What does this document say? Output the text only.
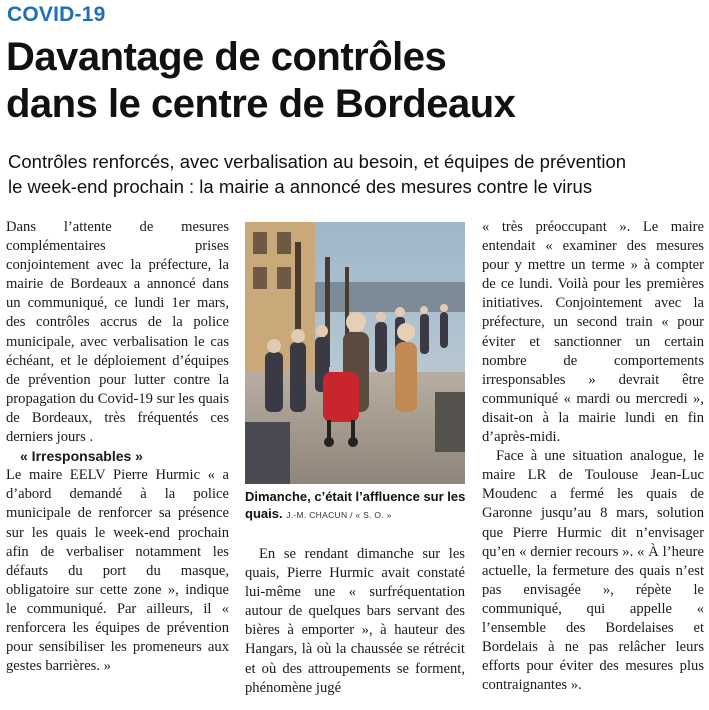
COVID-19
Davantage de contrôles
dans le centre de Bordeaux
Contrôles renforcés, avec verbalisation au besoin, et équipes de prévention
le week-end prochain : la mairie a annoncé des mesures contre le virus

Dans l’attente de mesures complémentaires prises conjointement avec la préfecture, la mairie de Bordeaux a annoncé dans un communiqué, ce lundi 1er mars, des contrôles accrus de la police municipale, avec verbalisation le cas échéant, et le déploiement d’équipes de prévention pour lutter contre la propagation du Covid-19 sur les quais de Bordeaux, très fréquentés ces derniers jours .

« Irresponsables »

Le maire EELV Pierre Hurmic « a d’abord demandé à la police municipale de renforcer sa présence sur les quais le week-end prochain afin de verbaliser notamment les défauts du port du masque, obligatoire sur cette zone », indique le communiqué. Par ailleurs, il « renforcera les équipes de prévention pour sensibiliser les promeneurs aux gestes barrières. »

Dimanche, c’était l’affluence sur les quais. J.-M. CHACUN / « S. O. »

En se rendant dimanche sur les quais, Pierre Hurmic avait constaté lui-même une « surfréquentation autour de quelques bars servant des bières à emporter », à hauteur des Hangars, là où la chaussée se rétrécit et où des attroupements se forment, phénomène jugé

« très préoccupant ». Le maire entendait « examiner des mesures pour y mettre un terme » à compter de ce lundi. Voilà pour les premières initiatives. Conjointement avec la préfecture, un second train « pour éviter et sanctionner un certain nombre de comportements irresponsables » devrait être communiqué « mardi ou mercredi », disait-on à la mairie lundi en fin d’après-midi.

Face à une situation analogue, le maire LR de Toulouse Jean-Luc Moudenc a fermé les quais de Garonne jusqu’au 8 mars, solution que Pierre Hurmic dit n’envisager qu’en « dernier recours ». « À l’heure actuelle, la fermeture des quais n’est pas envisagée », répète le communiqué, qui appelle « l’ensemble des Bordelaises et Bordelais à ne pas relâcher leurs efforts pour éviter des mesures plus contraignantes ».
